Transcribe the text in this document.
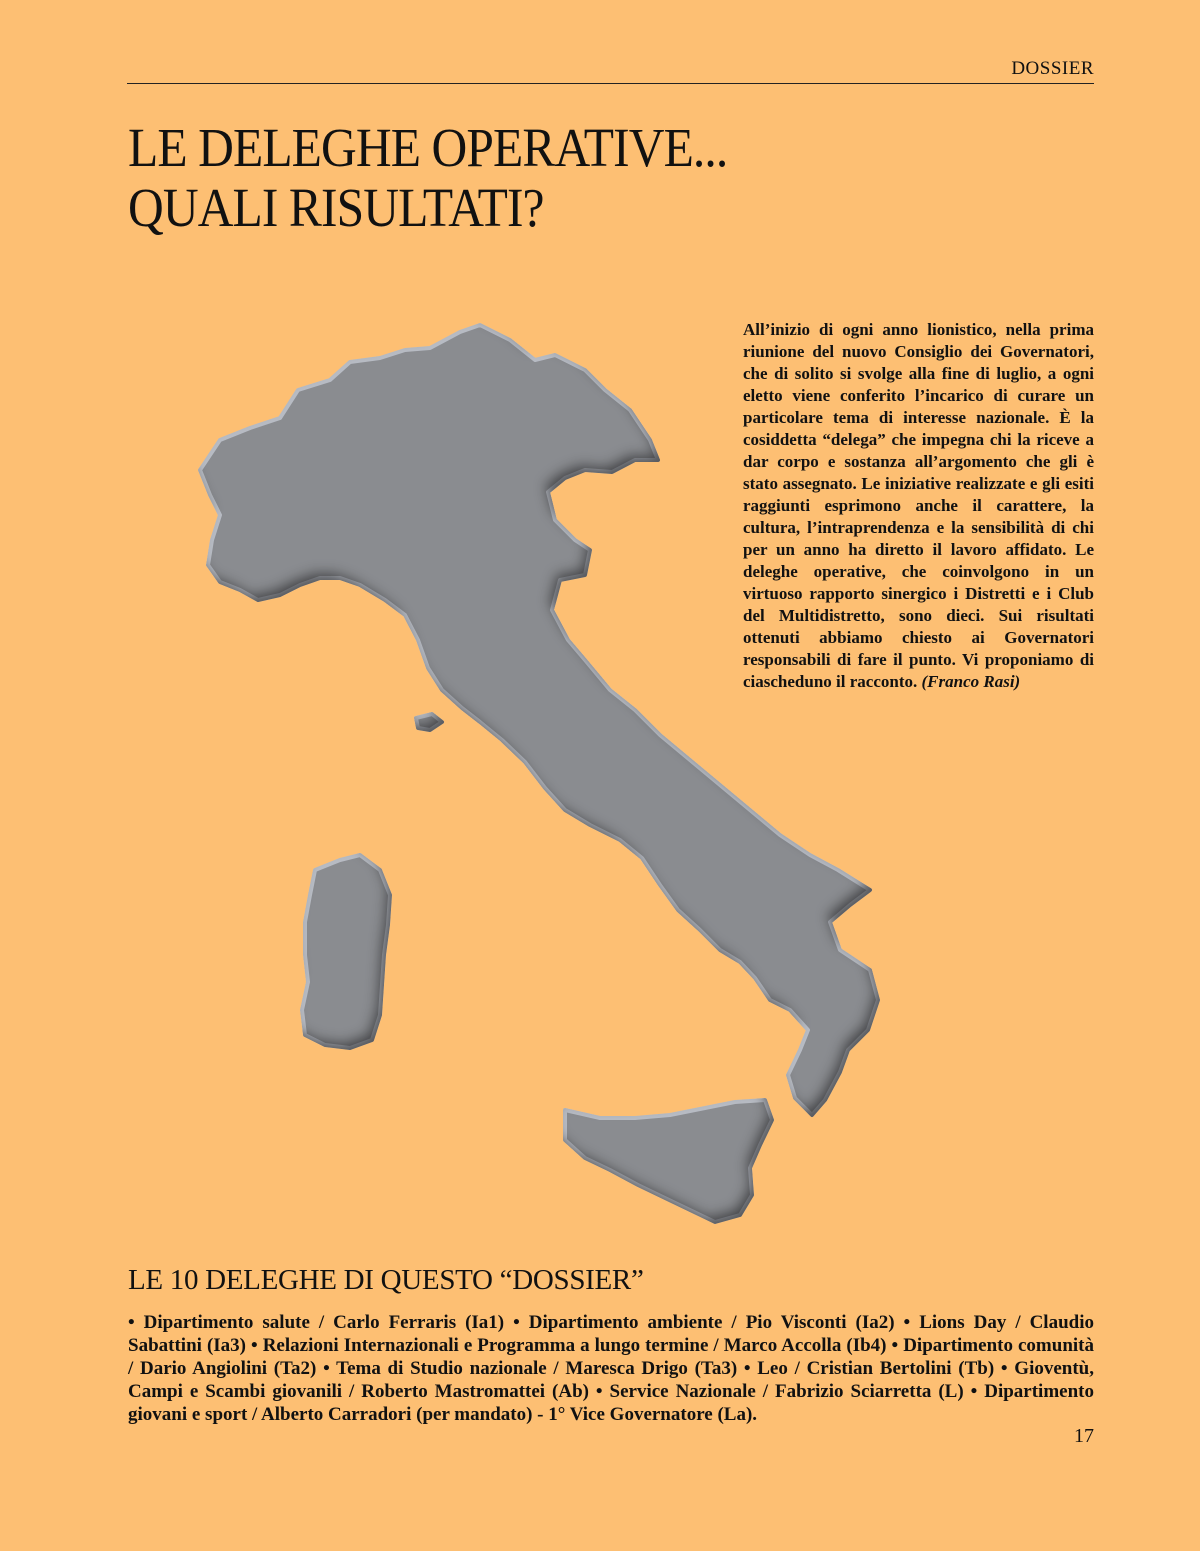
DOSSIER
LE DELEGHE OPERATIVE...
QUALI RISULTATI?

All’inizio di ogni anno lionistico, nella prima riunione del nuovo Consiglio dei Governatori, che di solito si svolge alla fine di luglio, a ogni eletto viene conferito l’incarico di curare un particolare tema di interesse nazionale. È la cosiddetta “delega” che impegna chi la riceve a dar corpo e sostanza all’argomento che gli è stato assegnato. Le iniziative realizzate e gli esiti raggiunti esprimono anche il carattere, la cultura, l’intraprendenza e la sensibilità di chi per un anno ha diretto il lavoro affidato. Le deleghe operative, che coinvolgono in un virtuoso rapporto sinergico i Distretti e i Club del Multidistretto, sono dieci. Sui risultati ottenuti abbiamo chiesto ai Governatori responsabili di fare il punto. Vi proponiamo di ciascheduno il racconto. (Franco Rasi)

LE 10 DELEGHE DI QUESTO “DOSSIER”

• Dipartimento salute / Carlo Ferraris (Ia1) • Dipartimento ambiente / Pio Visconti (Ia2) • Lions Day / Claudio Sabattini (Ia3) • Relazioni Internazionali e Programma a lungo termine / Marco Accolla (Ib4) • Dipartimento comunità / Dario Angiolini (Ta2) • Tema di Studio nazionale / Maresca Drigo (Ta3) • Leo / Cristian Bertolini (Tb) • Gioventù, Campi e Scambi giovanili / Roberto Mastromattei (Ab) • Service Nazionale / Fabrizio Sciarretta (L) • Dipartimento giovani e sport / Alberto Carradori (per mandato) - 1° Vice Governatore (La).

17
